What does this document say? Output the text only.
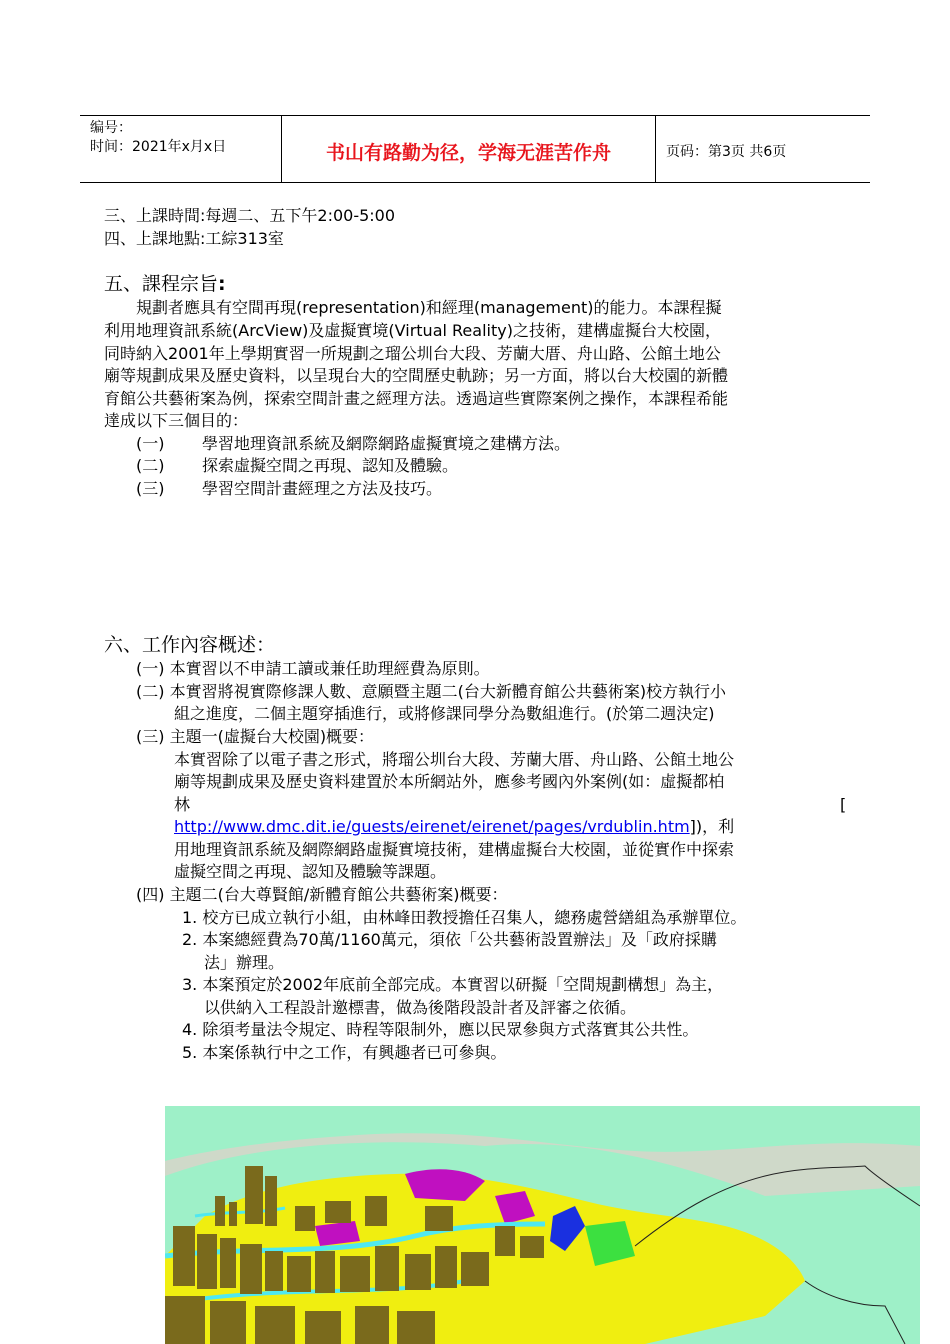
编号：
时间：2021年x月x日	书山有路勤为径，学海无涯苦作舟	页码：第3页 共6页
三、上課時間:每週二、五下午2:00-5:00
四、上課地點:工綜313室
五、課程宗旨:
規劃者應具有空間再現(representation)和經理(management)的能力。本課程擬
利用地理資訊系統(ArcView)及虛擬實境(Virtual Reality)之技術，建構虛擬台大校園，
同時納入2001年上學期實習一所規劃之瑠公圳台大段、芳蘭大厝、舟山路、公館土地公
廟等規劃成果及歷史資料，以呈現台大的空間歷史軌跡；另一方面，將以台大校園的新體
育館公共藝術案為例，探索空間計畫之經理方法。透過這些實際案例之操作，本課程希能
達成以下三個目的：
(一) 學習地理資訊系統及網際網路虛擬實境之建構方法。
(二) 探索虛擬空間之再現、認知及體驗。
(三) 學習空間計畫經理之方法及技巧。
六、工作內容概述：
(一) 本實習以不申請工讀或兼任助理經費為原則。
(二) 本實習將視實際修課人數、意願暨主題二(台大新體育館公共藝術案)校方執行小
組之進度，二個主題穿插進行，或將修課同學分為數組進行。(於第二週決定)
(三) 主題一(虛擬台大校園)概要：
本實習除了以電子書之形式，將瑠公圳台大段、芳蘭大厝、舟山路、公館土地公
廟等規劃成果及歷史資料建置於本所網站外，應參考國內外案例(如：虛擬都柏
林	[
http://www.dmc.dit.ie/guests/eirenet/eirenet/pages/vrdublin.htm])，利
用地理資訊系統及網際網路虛擬實境技術，建構虛擬台大校園，並從實作中探索
虛擬空間之再現、認知及體驗等課題。
(四) 主題二(台大尊賢館/新體育館公共藝術案)概要：
1. 校方已成立執行小組，由林峰田教授擔任召集人，總務處營繕組為承辦單位。
2. 本案總經費為70萬/1160萬元，須依「公共藝術設置辦法」及「政府採購
法」辦理。
3. 本案預定於2002年底前全部完成。本實習以研擬「空間規劃構想」為主，
以供納入工程設計邀標書，做為後階段設計者及評審之依循。
4. 除須考量法令規定、時程等限制外，應以民眾參與方式落實其公共性。
5. 本案係執行中之工作，有興趣者已可參與。
